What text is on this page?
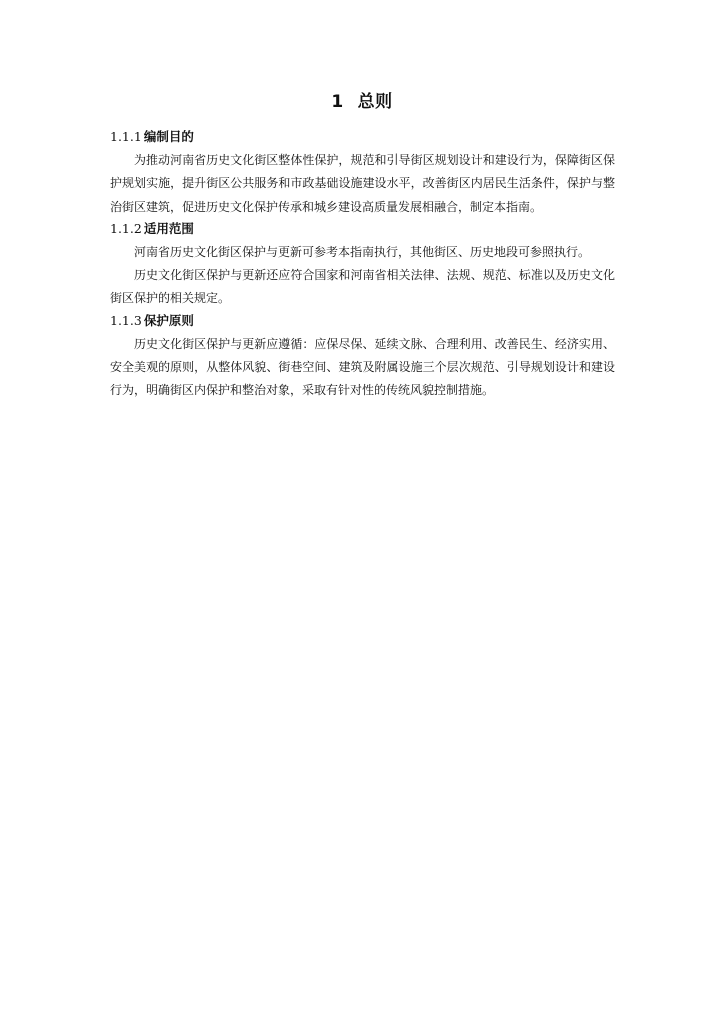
1 总则
1.1.1 编制目的

为推动河南省历史文化街区整体性保护，规范和引导街区规划设计和建设行为，保障街区保护规划实施，提升街区公共服务和市政基础设施建设水平，改善街区内居民生活条件，保护与整治街区建筑，促进历史文化保护传承和城乡建设高质量发展相融合，制定本指南。

1.1.2 适用范围

河南省历史文化街区保护与更新可参考本指南执行，其他街区、历史地段可参照执行。

历史文化街区保护与更新还应符合国家和河南省相关法律、法规、规范、标准以及历史文化街区保护的相关规定。

1.1.3 保护原则

历史文化街区保护与更新应遵循：应保尽保、延续文脉、合理利用、改善民生、经济实用、安全美观的原则，从整体风貌、街巷空间、建筑及附属设施三个层次规范、引导规划设计和建设行为，明确街区内保护和整治对象，采取有针对性的传统风貌控制措施。
